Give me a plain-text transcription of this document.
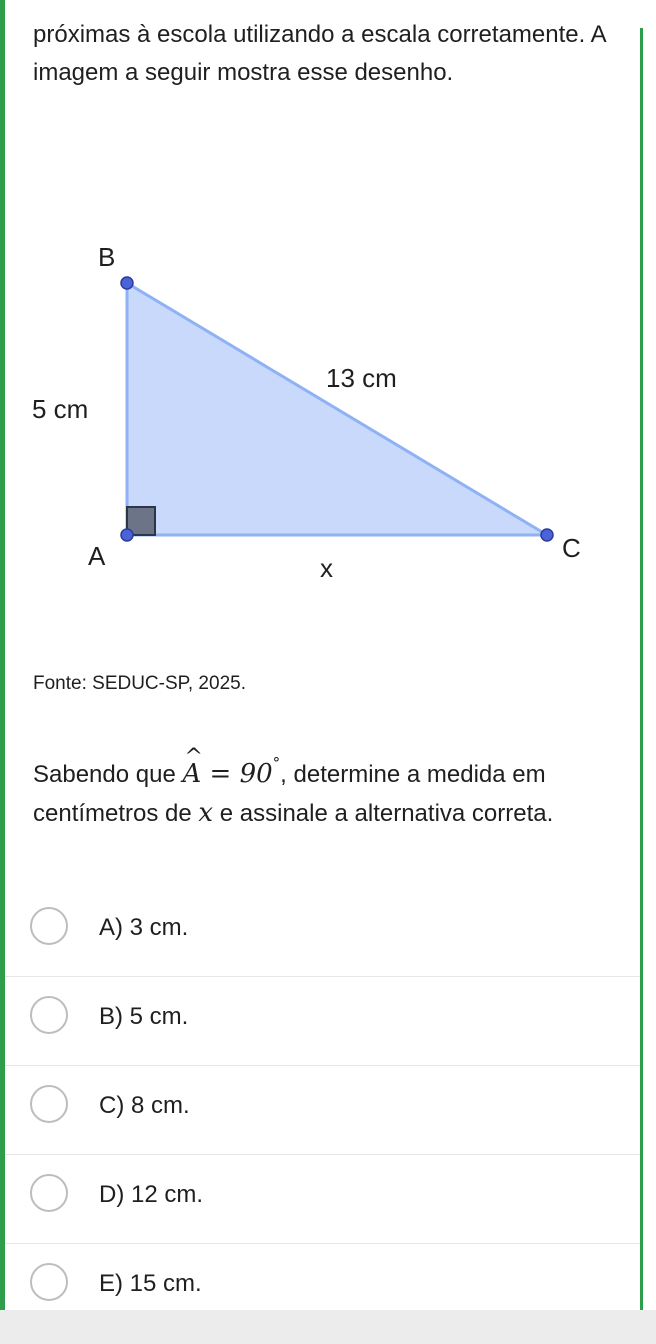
próximas à escola utilizando a escala corretamente. A imagem a seguir mostra esse desenho.

B
A	C
5 cm
13 cm
x

Fonte: SEDUC-SP, 2025.

Sabendo que ^ A = 90°, determine a medida em centímetros de x e assinale a alternativa correta.

A) 3 cm.
B) 5 cm.
C) 8 cm.
D) 12 cm.
E) 15 cm.
